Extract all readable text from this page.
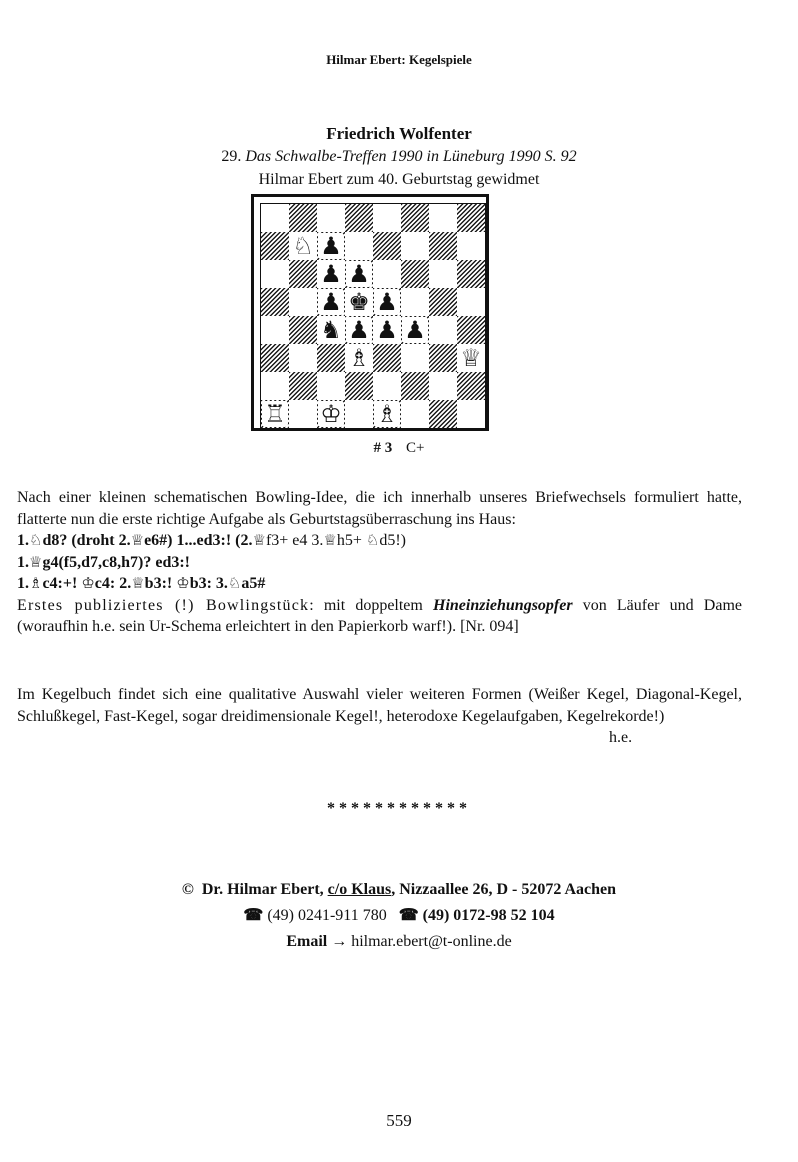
Hilmar Ebert: Kegelspiele
Friedrich Wolfenter
29. Das Schwalbe-Treffen 1990 in Lüneburg 1990 S. 92
Hilmar Ebert zum 40. Geburtstag gewidmet
♘ ♟
♟ ♟
♟ ♚ ♟
♞ ♟ ♟ ♟
♗	♕
♖ ♔ ♗
# 3 C+
Nach einer kleinen schematischen Bowling-Idee, die ich innerhalb unseres Briefwechsels formuliert hatte, flatterte nun die erste richtige Aufgabe als Geburtstagsüberraschung ins Haus:

1.♘d8? (droht 2.♕e6#) 1...ed3:! (2.♕f3+ e4 3.♕h5+ ♘d5!)

1.♕g4(f5,d7,c8,h7)? ed3:!

1.♗c4:+! ♔c4: 2.♕b3:! ♔b3: 3.♘a5#

Erstes publiziertes (!) Bowlingstück: mit doppeltem Hineinziehungsopfer von Läufer und Dame (woraufhin h.e. sein Ur-Schema erleichtert in den Papierkorb warf!). [Nr. 094]

Im Kegelbuch findet sich eine qualitative Auswahl vieler weiteren Formen (Weißer Kegel, Diagonal-Kegel, Schlußkegel, Fast-Kegel, sogar dreidimensionale Kegel!, heterodoxe Kegelaufgaben, Kegelrekorde!)
h.e.
************
© Dr. Hilmar Ebert, c/o Klaus, Nizzaallee 26, D - 52072 Aachen
☎ (49) 0241-911 780 ☎ (49) 0172-98 52 104
Email → hilmar.ebert@t-online.de
559
